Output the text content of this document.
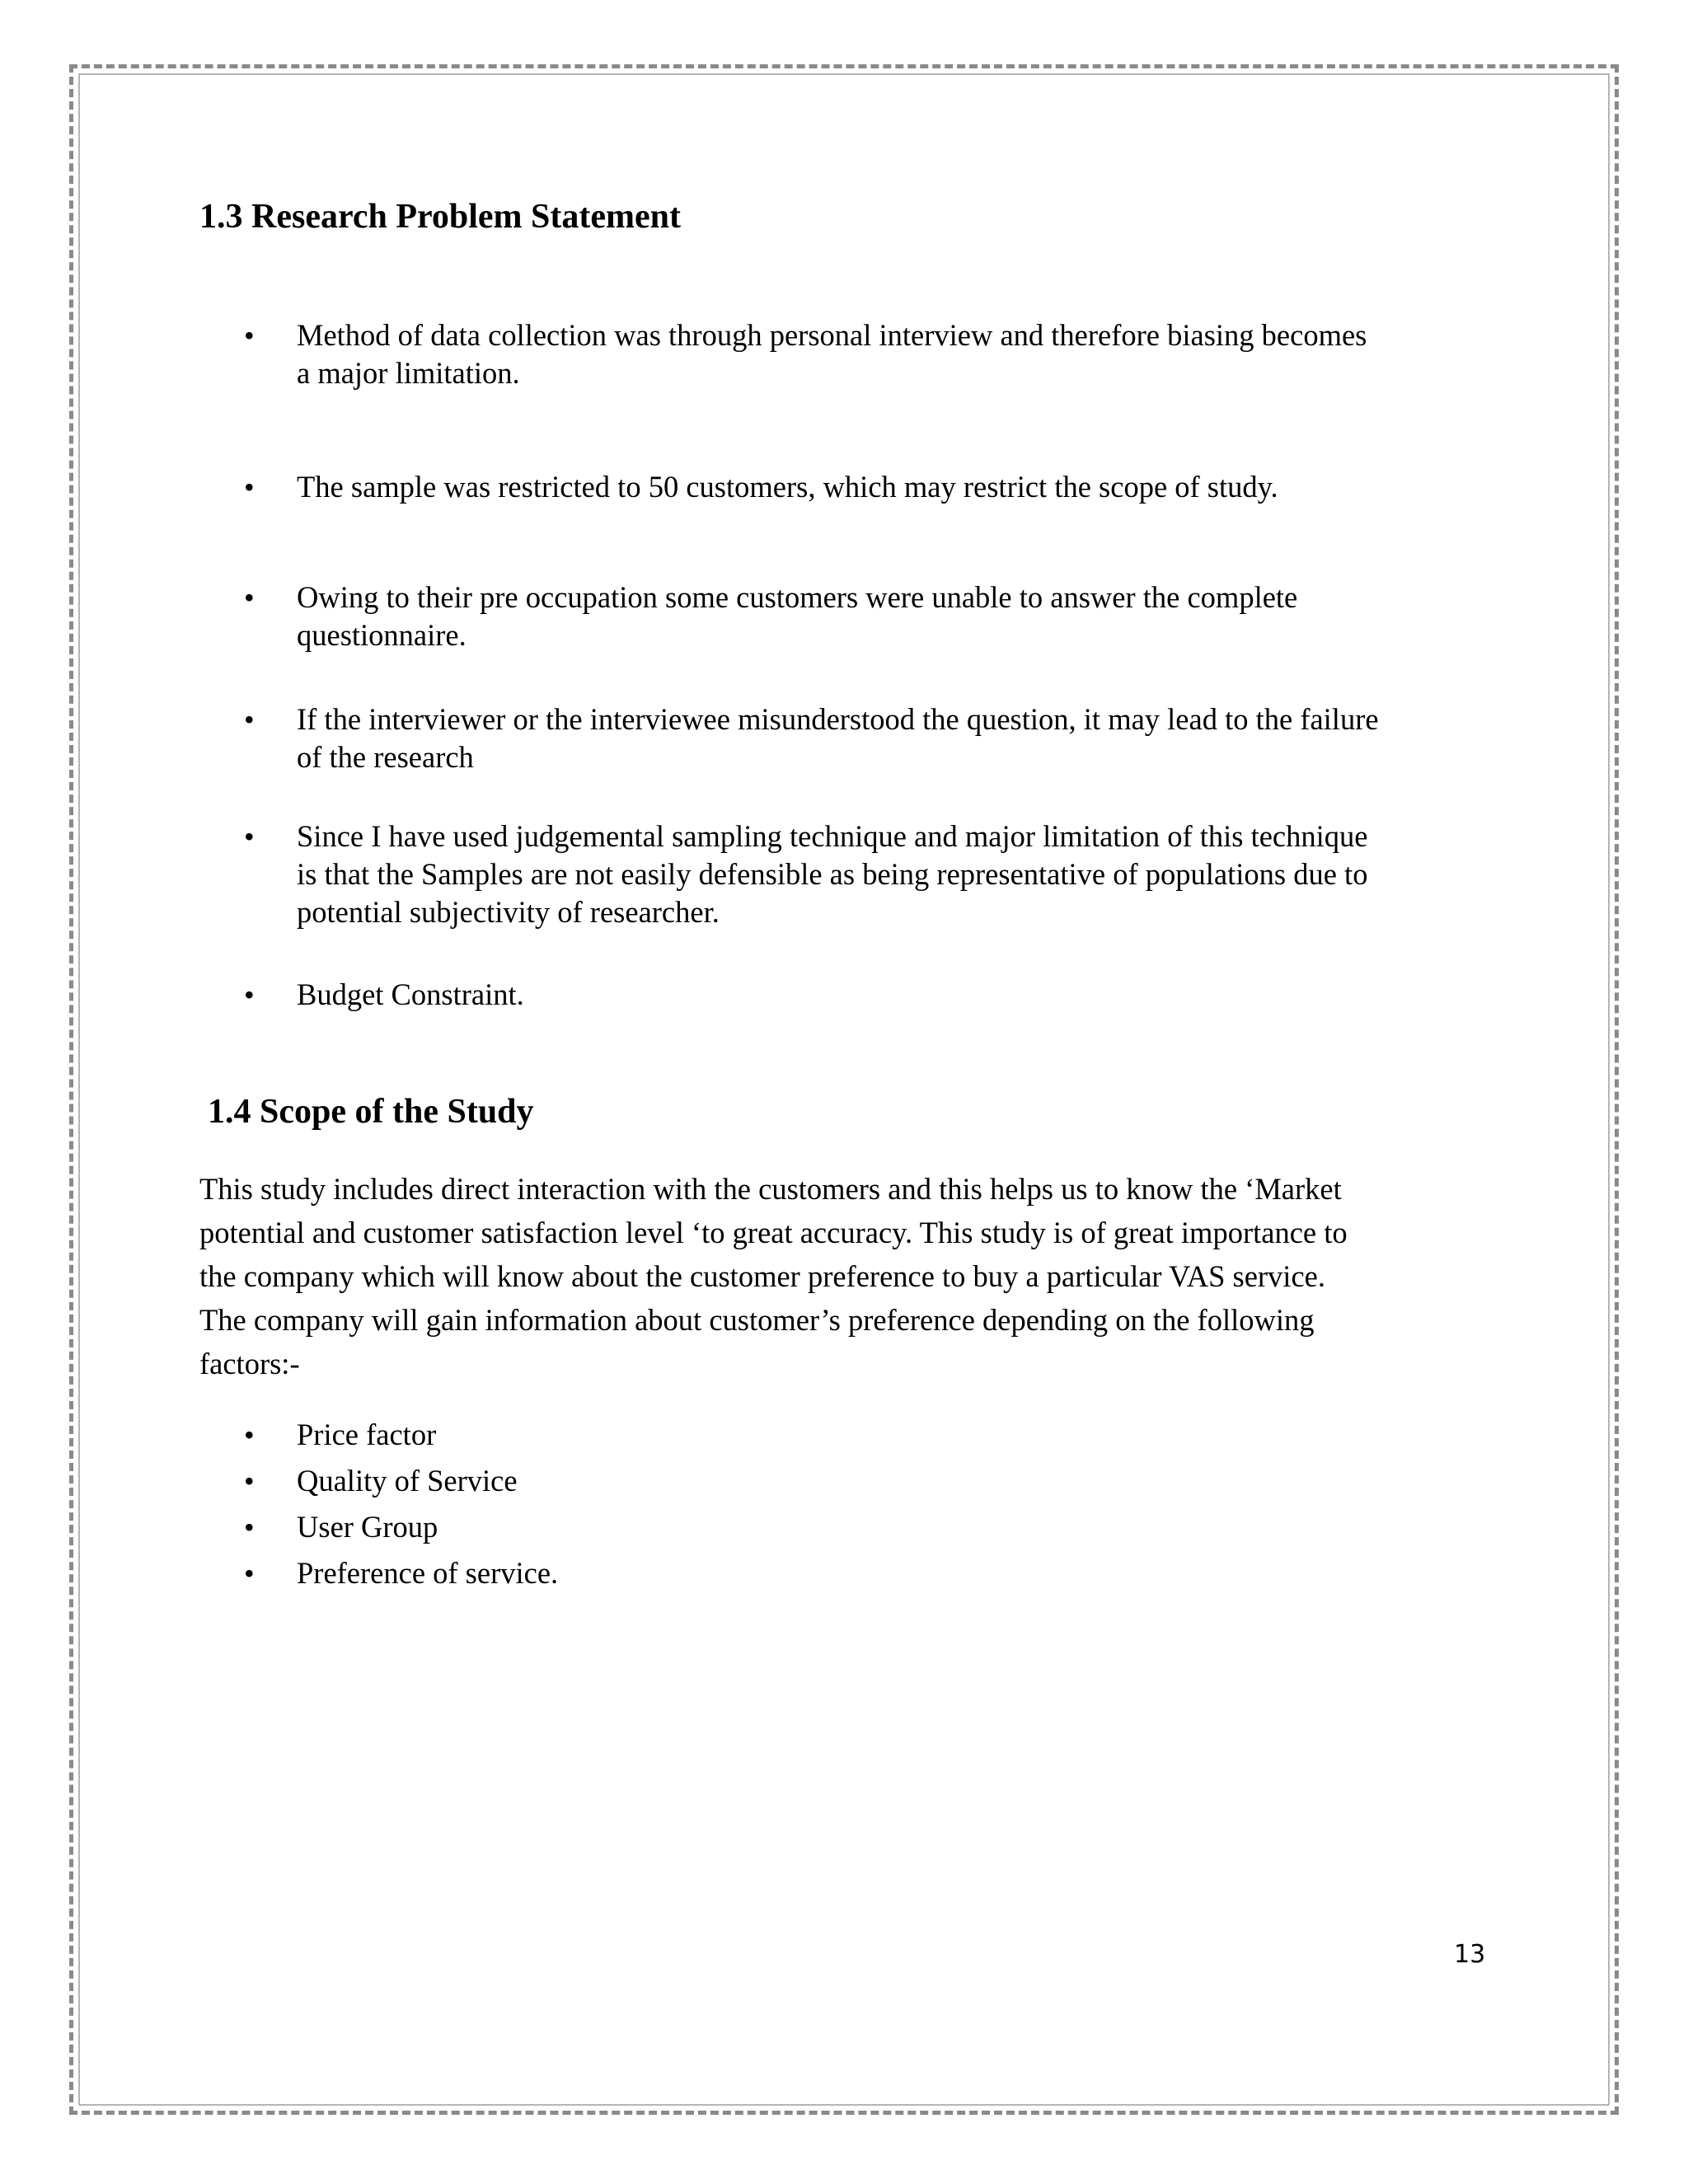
1.3 Research Problem Statement
• Method of data collection was through personal interview and therefore biasing becomes
a major limitation.
• The sample was restricted to 50 customers, which may restrict the scope of study.
• Owing to their pre occupation some customers were unable to answer the complete
questionnaire.
• If the interviewer or the interviewee misunderstood the question, it may lead to the failure
of the research
• Since I have used judgemental sampling technique and major limitation of this technique
is that the Samples are not easily defensible as being representative of populations due to
potential subjectivity of researcher.
• Budget Constraint.
1.4 Scope of the Study
This study includes direct interaction with the customers and this helps us to know the ‘Market
potential and customer satisfaction level ‘to great accuracy. This study is of great importance to
the company which will know about the customer preference to buy a particular VAS service.
The company will gain information about customer’s preference depending on the following
factors:-
• Price factor
• Quality of Service
• User Group
• Preference of service.
13
